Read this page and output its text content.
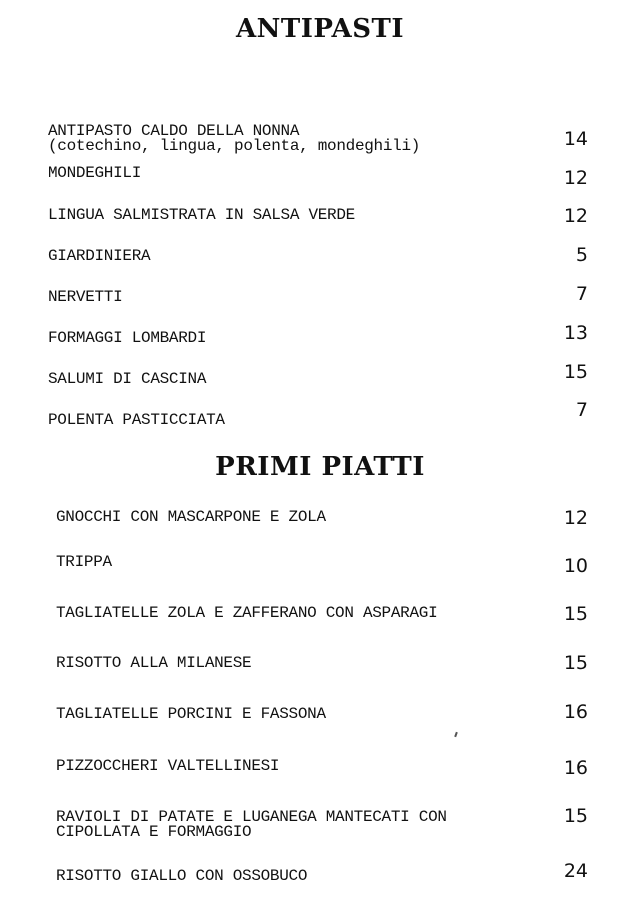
ANTIPASTI
ANTIPASTO CALDO DELLA NONNA
(cotechino, lingua, polenta, mondeghili)	14
MONDEGHILI	12
LINGUA SALMISTRATA IN SALSA VERDE	12
GIARDINIERA	5
NERVETTI	7
FORMAGGI LOMBARDI	13
SALUMI DI CASCINA	15
POLENTA PASTICCIATA	7
PRIMI PIATTI
GNOCCHI CON MASCARPONE E ZOLA	12
TRIPPA	10
TAGLIATELLE ZOLA E ZAFFERANO CON ASPARAGI	15
RISOTTO ALLA MILANESE	15
TAGLIATELLE PORCINI E FASSONA	16
PIZZOCCHERI VALTELLINESI	16
RAVIOLI DI PATATE E LUGANEGA MANTECATI CON
CIPOLLATA E FORMAGGIO
15
RISOTTO GIALLO CON OSSOBUCO	24
